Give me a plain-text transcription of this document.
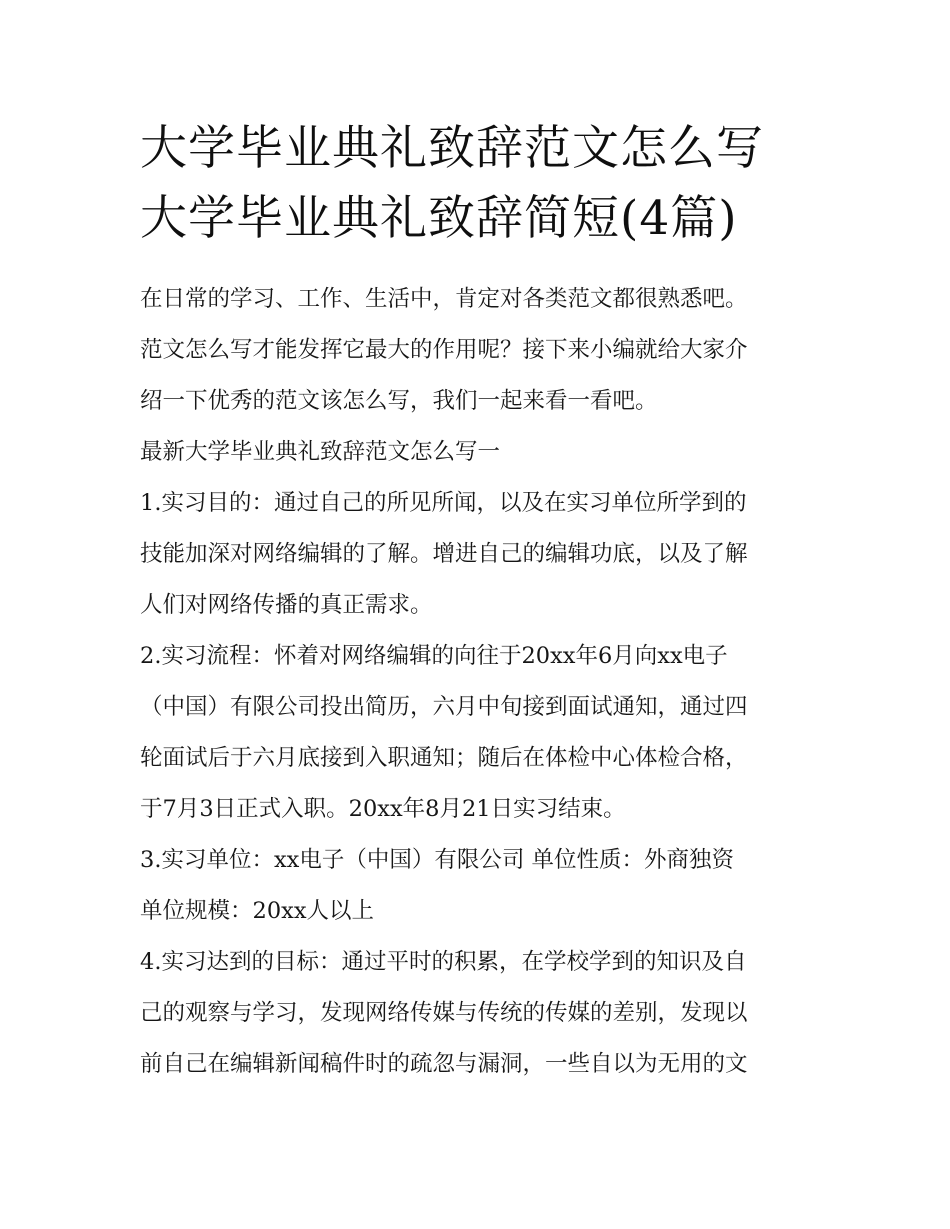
大学毕业典礼致辞范文怎么写
大学毕业典礼致辞简短(4篇)
在日常的学习、工作、生活中，肯定对各类范文都很熟悉吧。
范文怎么写才能发挥它最大的作用呢？接下来小编就给大家介
绍一下优秀的范文该怎么写，我们一起来看一看吧。
最新大学毕业典礼致辞范文怎么写一
1.实习目的：通过自己的所见所闻，以及在实习单位所学到的
技能加深对网络编辑的了解。增进自己的编辑功底，以及了解
人们对网络传播的真正需求。
2.实习流程：怀着对网络编辑的向往于20xx年6月向xx电子
（中国）有限公司投出简历，六月中旬接到面试通知，通过四
轮面试后于六月底接到入职通知；随后在体检中心体检合格，
于7月3日正式入职。20xx年8月21日实习结束。
3.实习单位：xx电子（中国）有限公司 单位性质：外商独资
单位规模：20xx人以上
4.实习达到的目标：通过平时的积累，在学校学到的知识及自
己的观察与学习，发现网络传媒与传统的传媒的差别，发现以
前自己在编辑新闻稿件时的疏忽与漏洞，一些自以为无用的文
